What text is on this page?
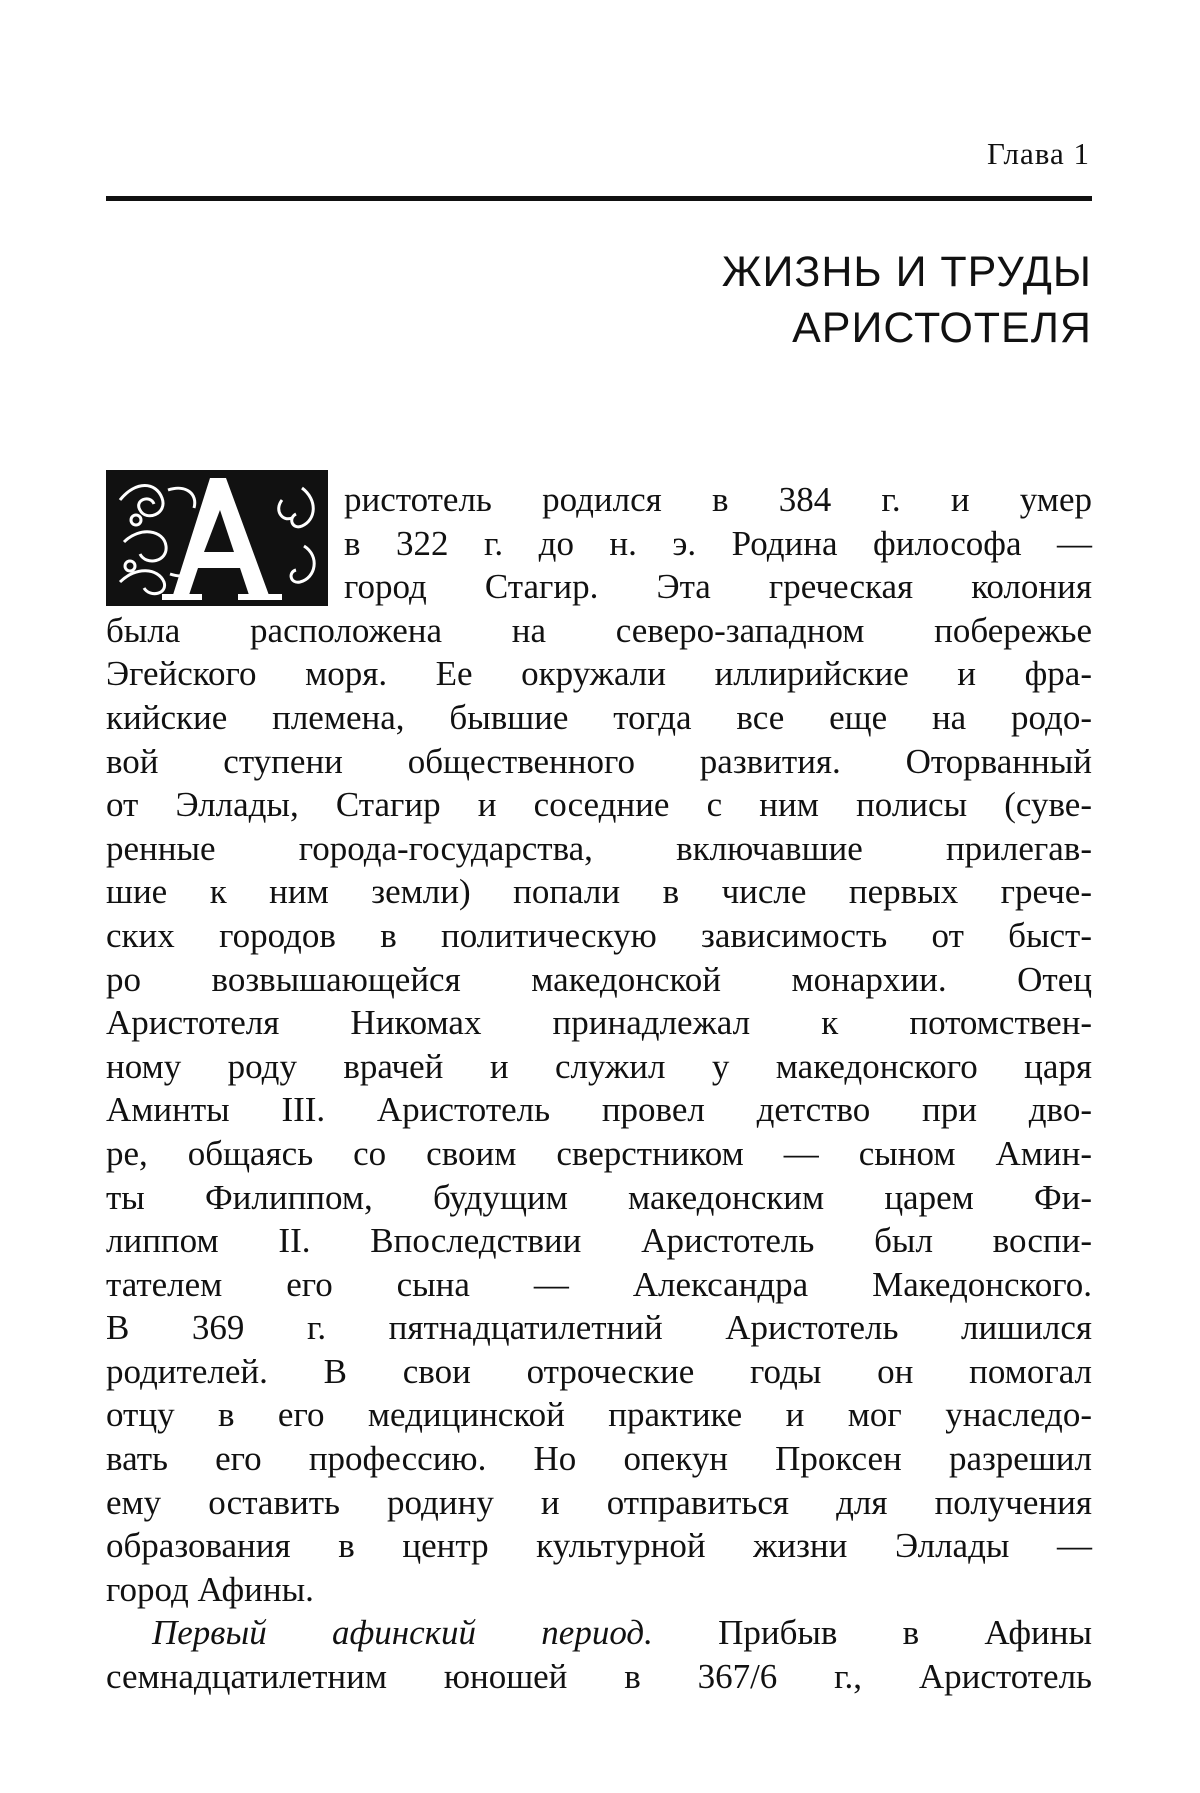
Глава 1
ЖИЗНЬ И ТРУДЫ
АРИСТОТЕЛЯ
ристотель родился в 384 г. и умер
в 322 г. до н. э. Родина философа —
город Стагир. Эта греческая колония
была расположена на северо-западном побережье
Эгейского моря. Ее окружали иллирийские и фра-
кийские племена, бывшие тогда все еще на родо-
вой ступени общественного развития. Оторванный
от Эллады, Стагир и соседние с ним полисы (суве-
ренные города-государства, включавшие прилегав-
шие к ним земли) попали в числе первых грече-
ских городов в политическую зависимость от быст-
ро возвышающейся македонской монархии. Отец
Аристотеля Никомах принадлежал к потомствен-
ному роду врачей и служил у македонского царя
Аминты III. Аристотель провел детство при дво-
ре, общаясь со своим сверстником — сыном Амин-
ты Филиппом, будущим македонским царем Фи-
липпом II. Впоследствии Аристотель был воспи-
тателем его сына — Александра Македонского.
В 369 г. пятнадцатилетний Аристотель лишился
родителей. В свои отроческие годы он помогал
отцу в его медицинской практике и мог унаследо-
вать его профессию. Но опекун Проксен разрешил
ему оставить родину и отправиться для получения
образования в центр культурной жизни Эллады —
город Афины.
Первый афинский период. Прибыв в Афины
семнадцатилетним юношей в 367/6 г., Аристотель
